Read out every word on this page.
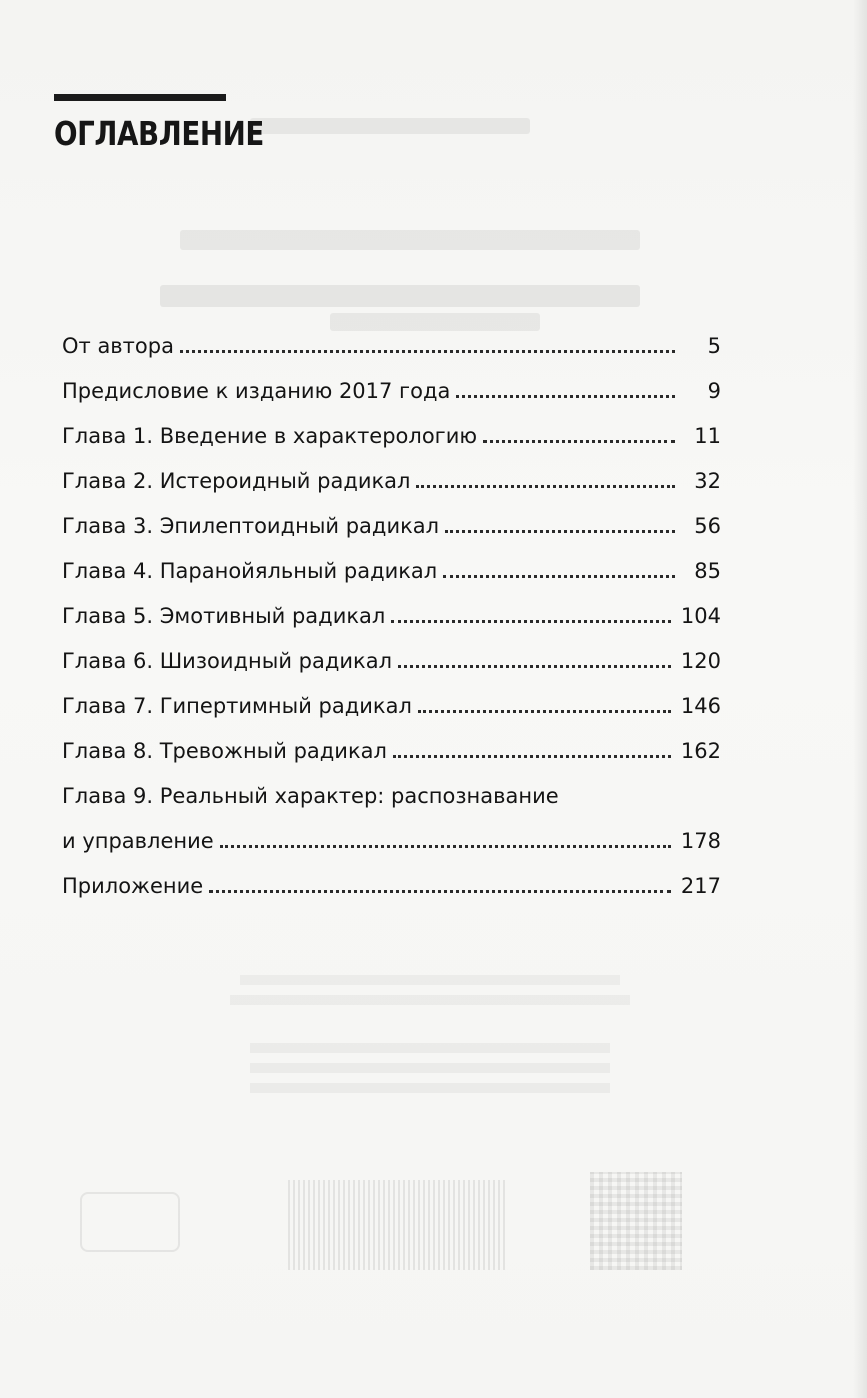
ОГЛАВЛЕНИЕ
От автора	5
Предисловие к изданию 2017 года	9
Глава 1. Введение в характерологию	11
Глава 2. Истероидный радикал	32
Глава 3. Эпилептоидный радикал	56
Глава 4. Паранойяльный радикал	85
Глава 5. Эмотивный радикал	104
Глава 6. Шизоидный радикал	120
Глава 7. Гипертимный радикал	146
Глава 8. Тревожный радикал	162
Глава 9. Реальный характер: распознавание
и управление	178
Приложение	217
